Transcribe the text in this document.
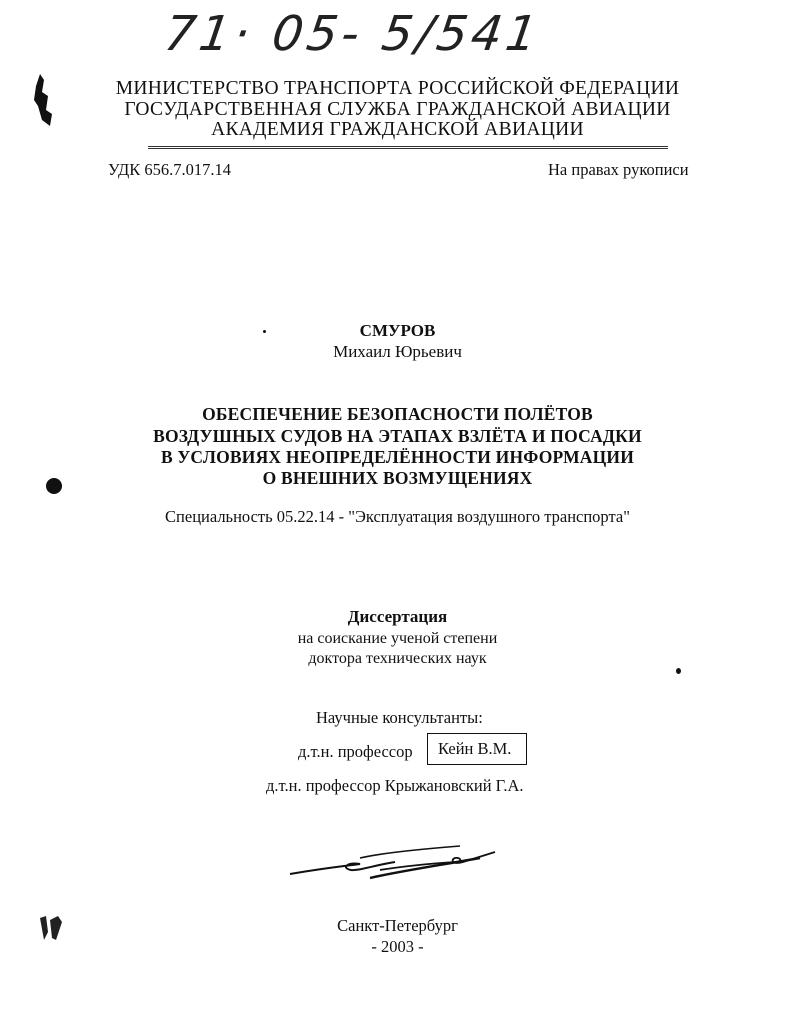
71· 05- 5/541
МИНИСТЕРСТВО ТРАНСПОРТА РОССИЙСКОЙ ФЕДЕРАЦИИ
ГОСУДАРСТВЕННАЯ СЛУЖБА ГРАЖДАНСКОЙ АВИАЦИИ
АКАДЕМИЯ ГРАЖДАНСКОЙ АВИАЦИИ
УДК 656.7.017.14	На правах рукописи
СМУРОВ
Михаил Юрьевич
ОБЕСПЕЧЕНИЕ БЕЗОПАСНОСТИ ПОЛЁТОВ
ВОЗДУШНЫХ СУДОВ НА ЭТАПАХ ВЗЛЁТА И ПОСАДКИ
В УСЛОВИЯХ НЕОПРЕДЕЛЁННОСТИ ИНФОРМАЦИИ
О ВНЕШНИХ ВОЗМУЩЕНИЯХ
Специальность 05.22.14 - "Эксплуатация воздушного транспорта"
Диссертация
на соискание ученой степени
доктора технических наук
Научные консультанты:
д.т.н. профессор	Кейн В.М.
д.т.н. профессор Крыжановский Г.А.
Санкт-Петербург
- 2003 -
